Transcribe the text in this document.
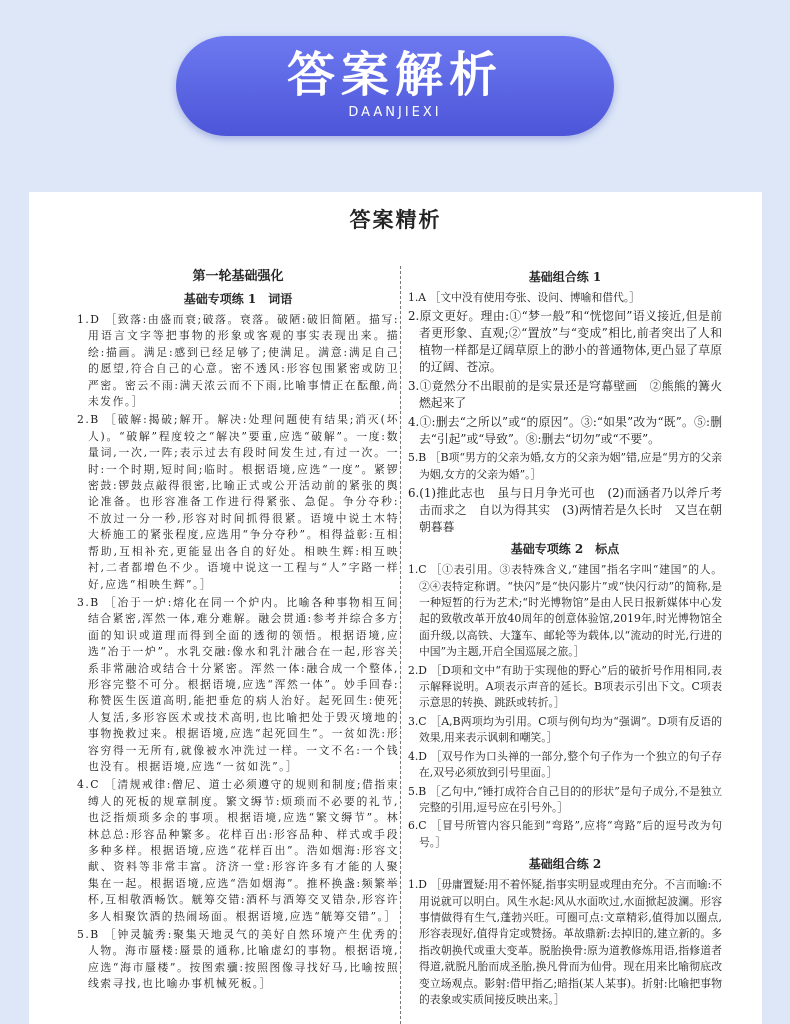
答案解析
DAANJIEXI
答案精析
第一轮基础强化
基础专项练 1　词语
1.D ［致落:由盛而衰;破落。衰落。破陋:破旧简陋。描写:用语言文字等把事物的形象或客观的事实表现出来。描绘:描画。满足:感到已经足够了;使满足。满意:满足自己的愿望,符合自己的心意。密不透风:形容包围紧密或防卫严密。密云不雨:满天浓云而不下雨,比喻事情正在酝酿,尚未发作。］
2.B ［破解:揭破;解开。解决:处理问题使有结果;消灭(坏人)。“破解”程度较之“解决”要重,应选“破解”。一度:数量词,一次,一阵;表示过去有段时间发生过,有过一次。一时:一个时期,短时间;临时。根据语境,应选“一度”。紧锣密鼓:锣鼓点敲得很密,比喻正式或公开活动前的紧张的舆论准备。也形容准备工作进行得紧张、急促。争分夺秒:不放过一分一秒,形容对时间抓得很紧。语境中说土木特大桥施工的紧张程度,应选用“争分夺秒”。相得益彰:互相帮助,互相补充,更能显出各自的好处。相映生辉:相互映衬,二者都增色不少。语境中说这一工程与“人”字路一样好,应选“相映生辉”。］
3.B ［冶于一炉:熔化在同一个炉内。比喻各种事物相互间结合紧密,浑然一体,难分难解。融会贯通:参考并综合多方面的知识或道理而得到全面的透彻的领悟。根据语境,应选“冶于一炉”。水乳交融:像水和乳汁融合在一起,形容关系非常融洽或结合十分紧密。浑然一体:融合成一个整体,形容完整不可分。根据语境,应选“浑然一体”。妙手回春:称赞医生医道高明,能把垂危的病人治好。起死回生:使死人复活,多形容医术或技术高明,也比喻把处于毁灭境地的事物挽救过来。根据语境,应选“起死回生”。一贫如洗:形容穷得一无所有,就像被水冲洗过一样。一文不名:一个钱也没有。根据语境,应选“一贫如洗”。］
4.C ［清规戒律:僧尼、道士必须遵守的规则和制度;借指束缚人的死板的规章制度。繁文缛节:烦琐而不必要的礼节,也泛指烦琐多余的事项。根据语境,应选“繁文缛节”。林林总总:形容品种繁多。花样百出:形容品种、样式或手段多种多样。根据语境,应选“花样百出”。浩如烟海:形容文献、资料等非常丰富。济济一堂:形容许多有才能的人聚集在一起。根据语境,应选“浩如烟海”。推杯换盏:频繁举杯,互相敬酒畅饮。觥筹交错:酒杯与酒筹交叉错杂,形容许多人相聚饮酒的热闹场面。根据语境,应选“觥筹交错”。］
5.B ［钟灵毓秀:聚集天地灵气的美好自然环境产生优秀的人物。海市蜃楼:蜃景的通称,比喻虚幻的事物。根据语境,应选“海市蜃楼”。按图索骥:按照图像寻找好马,比喻按照线索寻找,也比喻办事机械死板。］
基础组合练 1
1.A ［文中没有使用夸张、设问、博喻和借代。］
2.原文更好。理由:①“梦一般”和“恍惚间”语义接近,但是前者更形象、直观;②“置放”与“变成”相比,前者突出了人和植物一样都是辽阔草原上的渺小的普通物体,更凸显了草原的辽阔、苍凉。
3.①竟然分不出眼前的是实景还是穹幕壁画　②熊熊的篝火燃起来了
4.①:删去“之所以”或“的原因”。③:“如果”改为“既”。⑤:删去“引起”或“导致”。⑧:删去“切勿”或“不要”。
5.B ［B项“男方的父亲为婚,女方的父亲为姻”错,应是“男方的父亲为姻,女方的父亲为婚”。］
6.(1)推此志也　虽与日月争光可也　(2)而涵者乃以斧斤考击而求之　自以为得其实　(3)两情若是久长时　又岂在朝朝暮暮
基础专项练 2　标点
1.C ［①表引用。③表特殊含义,“建国”指名字叫“建国”的人。②④表特定称谓。“快闪”是“快闪影片”或“快闪行动”的简称,是一种短暂的行为艺术;“时光博物馆”是由人民日报新媒体中心发起的致敬改革开放40周年的创意体验馆,2019年,时光博物馆全面升级,以高铁、大篷车、邮轮等为载体,以“流动的时光,行进的中国”为主题,开启全国巡展之旅。］
2.D ［D项和文中“有助于实现他的野心”后的破折号作用相同,表示解释说明。A项表示声音的延长。B项表示引出下文。C项表示意思的转换、跳跃或转折。］
3.C ［A,B两项均为引用。C项与例句均为“强调”。D项有反语的效果,用来表示讽刺和嘲笑。］
4.D ［双号作为口头禅的一部分,整个句子作为一个独立的句子存在,双号必须放到引号里面。］
5.B ［乙句中,“锤打成符合自己目的的形状”是句子成分,不是独立完整的引用,逗号应在引号外。］
6.C ［冒号所管内容只能到“弯路”,应将“弯路”后的逗号改为句号。］
基础组合练 2
1.D ［毋庸置疑:用不着怀疑,指事实明显或理由充分。不言而喻:不用说就可以明白。风生水起:风从水面吹过,水面掀起波澜。形容事情做得有生气,蓬勃兴旺。可圈可点:文章精彩,值得加以圈点,形容表现好,值得肯定或赞扬。革故鼎新:去掉旧的,建立新的。多指改朝换代或重大变革。脱胎换骨:原为道教修炼用语,指修道者得道,就脱凡胎而成圣胎,换凡骨而为仙骨。现在用来比喻彻底改变立场观点。影射:借甲指乙;暗指(某人某事)。折射:比喻把事物的表象或实质间接反映出来。］
